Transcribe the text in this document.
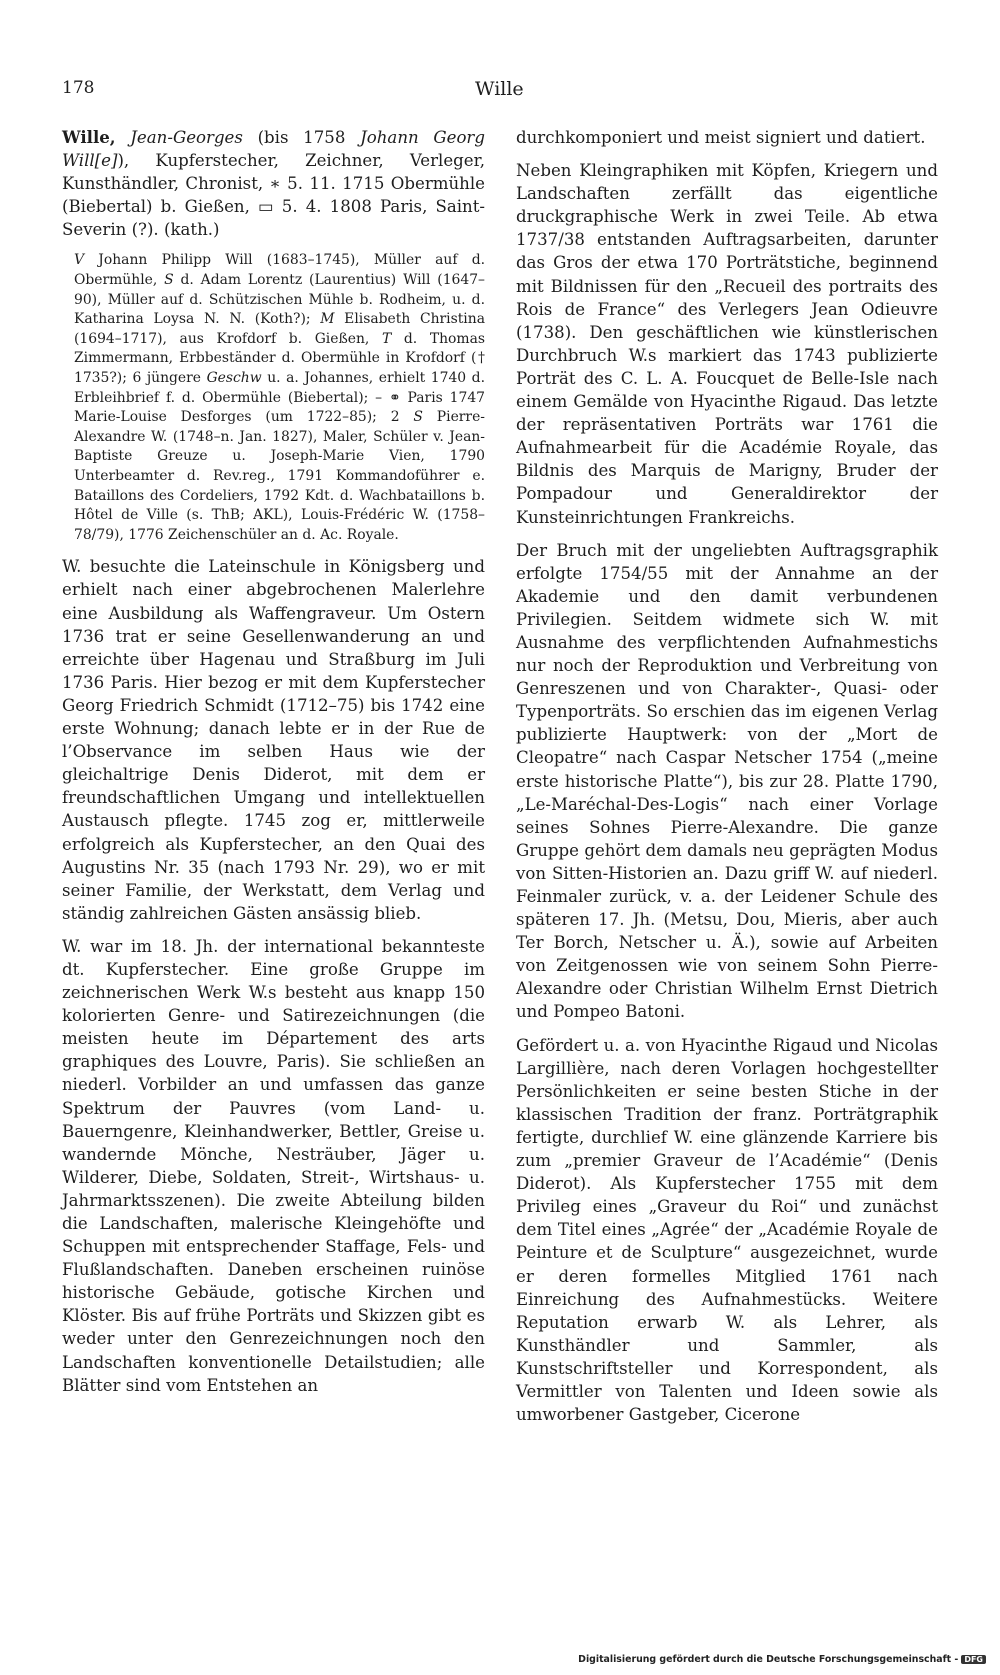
178	Wille

Wille, Jean-Georges (bis 1758 Johann Georg Will[e]), Kupferstecher, Zeichner, Verleger, Kunsthändler, Chronist, ∗ 5. 11. 1715 Obermühle (Biebertal) b. Gießen, ▭ 5. 4. 1808 Paris, Saint-Severin (?). (kath.)

V Johann Philipp Will (1683–1745), Müller auf d. Obermühle, S d. Adam Lorentz (Laurentius) Will (1647–90), Müller auf d. Schützischen Mühle b. Rodheim, u. d. Katharina Loysa N. N. (Koth?); M Elisabeth Christina (1694–1717), aus Krofdorf b. Gießen, T d. Thomas Zimmermann, Erbbeständer d. Obermühle in Krofdorf († 1735?); 6 jüngere Geschw u. a. Johannes, erhielt 1740 d. Erbleihbrief f. d. Obermühle (Biebertal); – ⚭ Paris 1747 Marie-Louise Desforges (um 1722–85); 2 S Pierre-Alexandre W. (1748–n. Jan. 1827), Maler, Schüler v. Jean-Baptiste Greuze u. Joseph-Marie Vien, 1790 Unterbeamter d. Rev.reg., 1791 Kommandoführer e. Bataillons des Cordeliers, 1792 Kdt. d. Wachbataillons b. Hôtel de Ville (s. ThB; AKL), Louis-Frédéric W. (1758–78/79), 1776 Zeichenschüler an d. Ac. Royale.

W. besuchte die Lateinschule in Königsberg und erhielt nach einer abgebrochenen Malerlehre eine Ausbildung als Waffengraveur. Um Ostern 1736 trat er seine Gesellenwanderung an und erreichte über Hagenau und Straßburg im Juli 1736 Paris. Hier bezog er mit dem Kupferstecher Georg Friedrich Schmidt (1712–75) bis 1742 eine erste Wohnung; danach lebte er in der Rue de l’Observance im selben Haus wie der gleichaltrige Denis Diderot, mit dem er freundschaftlichen Umgang und intellektuellen Austausch pflegte. 1745 zog er, mittlerweile erfolgreich als Kupferstecher, an den Quai des Augustins Nr. 35 (nach 1793 Nr. 29), wo er mit seiner Familie, der Werkstatt, dem Verlag und ständig zahlreichen Gästen ansässig blieb.

W. war im 18. Jh. der international bekannteste dt. Kupferstecher. Eine große Gruppe im zeichnerischen Werk W.s besteht aus knapp 150 kolorierten Genre- und Satirezeichnungen (die meisten heute im Département des arts graphiques des Louvre, Paris). Sie schließen an niederl. Vorbilder an und umfassen das ganze Spektrum der Pauvres (vom Land- u. Bauerngenre, Kleinhandwerker, Bettler, Greise u. wandernde Mönche, Nesträuber, Jäger u. Wilderer, Diebe, Soldaten, Streit-, Wirtshaus- u. Jahrmarktsszenen). Die zweite Abteilung bilden die Landschaften, malerische Kleingehöfte und Schuppen mit entsprechender Staffage, Fels- und Flußlandschaften. Daneben erscheinen ruinöse historische Gebäude, gotische Kirchen und Klöster. Bis auf frühe Porträts und Skizzen gibt es weder unter den Genrezeichnungen noch den Landschaften konventionelle Detailstudien; alle Blätter sind vom Entstehen an

durchkomponiert und meist signiert und datiert.

Neben Kleingraphiken mit Köpfen, Kriegern und Landschaften zerfällt das eigentliche druckgraphische Werk in zwei Teile. Ab etwa 1737/38 entstanden Auftragsarbeiten, darunter das Gros der etwa 170 Porträtstiche, beginnend mit Bildnissen für den „Recueil des portraits des Rois de France“ des Verlegers Jean Odieuvre (1738). Den geschäftlichen wie künstlerischen Durchbruch W.s markiert das 1743 publizierte Porträt des C. L. A. Foucquet de Belle-Isle nach einem Gemälde von Hyacinthe Rigaud. Das letzte der repräsentativen Porträts war 1761 die Aufnahmearbeit für die Académie Royale, das Bildnis des Marquis de Marigny, Bruder der Pompadour und Generaldirektor der Kunsteinrichtungen Frankreichs.

Der Bruch mit der ungeliebten Auftragsgraphik erfolgte 1754/55 mit der Annahme an der Akademie und den damit verbundenen Privilegien. Seitdem widmete sich W. mit Ausnahme des verpflichtenden Aufnahmestichs nur noch der Reproduktion und Verbreitung von Genreszenen und von Charakter-, Quasi- oder Typenporträts. So erschien das im eigenen Verlag publizierte Hauptwerk: von der „Mort de Cleopatre“ nach Caspar Netscher 1754 („meine erste historische Platte“), bis zur 28. Platte 1790, „Le-Maréchal-Des-Logis“ nach einer Vorlage seines Sohnes Pierre-Alexandre. Die ganze Gruppe gehört dem damals neu geprägten Modus von Sitten-Historien an. Dazu griff W. auf niederl. Feinmaler zurück, v. a. der Leidener Schule des späteren 17. Jh. (Metsu, Dou, Mieris, aber auch Ter Borch, Netscher u. Ä.), sowie auf Arbeiten von Zeitgenossen wie von seinem Sohn Pierre-Alexandre oder Christian Wilhelm Ernst Dietrich und Pompeo Batoni.

Gefördert u. a. von Hyacinthe Rigaud und Nicolas Largillière, nach deren Vorlagen hochgestellter Persönlichkeiten er seine besten Stiche in der klassischen Tradition der franz. Porträtgraphik fertigte, durchlief W. eine glänzende Karriere bis zum „premier Graveur de l’Académie“ (Denis Diderot). Als Kupferstecher 1755 mit dem Privileg eines „Graveur du Roi“ und zunächst dem Titel eines „Agrée“ der „Académie Royale de Peinture et de Sculpture“ ausgezeichnet, wurde er deren formelles Mitglied 1761 nach Einreichung des Aufnahmestücks. Weitere Reputation erwarb W. als Lehrer, als Kunsthändler und Sammler, als Kunstschriftsteller und Korrespondent, als Vermittler von Talenten und Ideen sowie als umworbener Gastgeber, Cicerone

Digitalisierung gefördert durch die Deutsche Forschungsgemeinschaft - DFG
